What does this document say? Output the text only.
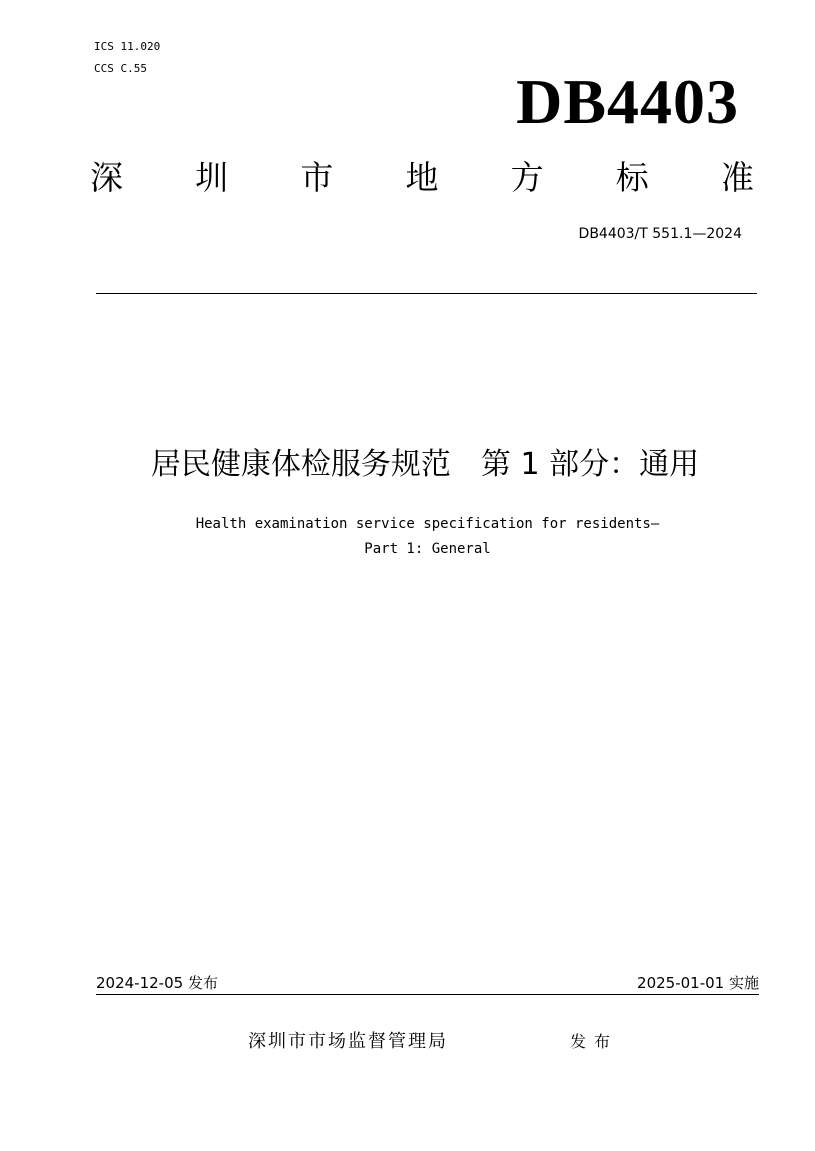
ICS 11.020
CCS C.55	DB4403
深 圳 市 地 方 标 准
DB4403/T 551.1—2024
居民健康体检服务规范　第 1 部分：通用
Health examination service specification for residents—
Part 1: General
2024-12-05 发布	2025-01-01 实施
深圳市市场监督管理局	发布
